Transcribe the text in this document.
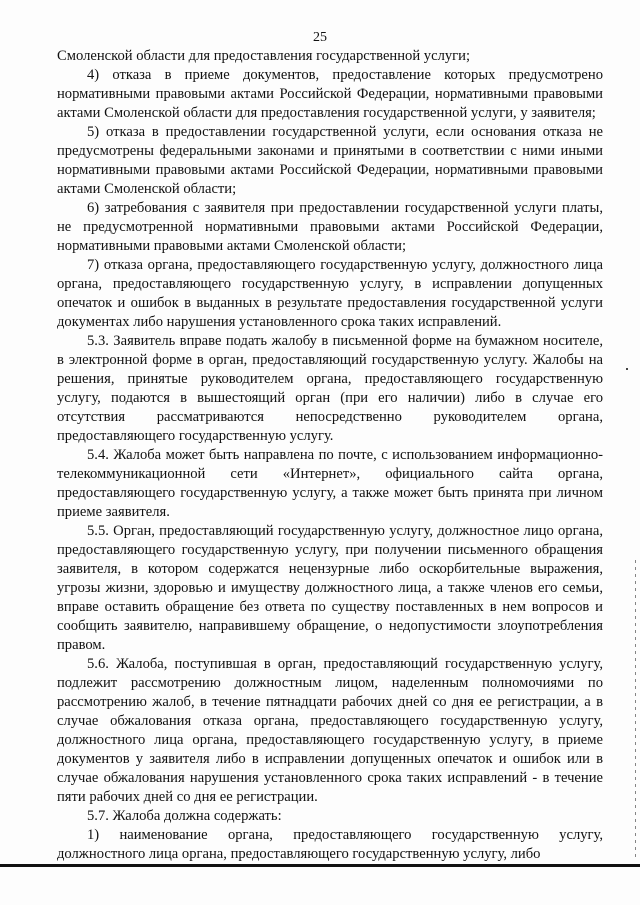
25

Смоленской области для предоставления государственной услуги;

4) отказа в приеме документов, предоставление которых предусмотрено нормативными правовыми актами Российской Федерации, нормативными правовыми актами Смоленской области для предоставления государственной услуги, у заявителя;

5) отказа в предоставлении государственной услуги, если основания отказа не предусмотрены федеральными законами и принятыми в соответствии с ними иными нормативными правовыми актами Российской Федерации, нормативными правовыми актами Смоленской области;

6) затребования с заявителя при предоставлении государственной услуги платы, не предусмотренной нормативными правовыми актами Российской Федерации, нормативными правовыми актами Смоленской области;

7) отказа органа, предоставляющего государственную услугу, должностного лица органа, предоставляющего государственную услугу, в исправлении допущенных опечаток и ошибок в выданных в результате предоставления государственной услуги документах либо нарушения установленного срока таких исправлений.

5.3. Заявитель вправе подать жалобу в письменной форме на бумажном носителе, в электронной форме в орган, предоставляющий государственную услугу. Жалобы на решения, принятые руководителем органа, предоставляющего государственную услугу, подаются в вышестоящий орган (при его наличии) либо в случае его отсутствия рассматриваются непосредственно руководителем органа, предоставляющего государственную услугу.

5.4. Жалоба может быть направлена по почте, с использованием информационно-телекоммуникационной сети «Интернет», официального сайта органа, предоставляющего государственную услугу, а также может быть принята при личном приеме заявителя.

5.5. Орган, предоставляющий государственную услугу, должностное лицо органа, предоставляющего государственную услугу, при получении письменного обращения заявителя, в котором содержатся нецензурные либо оскорбительные выражения, угрозы жизни, здоровью и имуществу должностного лица, а также членов его семьи, вправе оставить обращение без ответа по существу поставленных в нем вопросов и сообщить заявителю, направившему обращение, о недопустимости злоупотребления правом.

5.6. Жалоба, поступившая в орган, предоставляющий государственную услугу, подлежит рассмотрению должностным лицом, наделенным полномочиями по рассмотрению жалоб, в течение пятнадцати рабочих дней со дня ее регистрации, а в случае обжалования отказа органа, предоставляющего государственную услугу, должностного лица органа, предоставляющего государственную услугу, в приеме документов у заявителя либо в исправлении допущенных опечаток и ошибок или в случае обжалования нарушения установленного срока таких исправлений - в течение пяти рабочих дней со дня ее регистрации.

5.7. Жалоба должна содержать:

1) наименование органа, предоставляющего государственную услугу, должностного лица органа, предоставляющего государственную услугу, либо
